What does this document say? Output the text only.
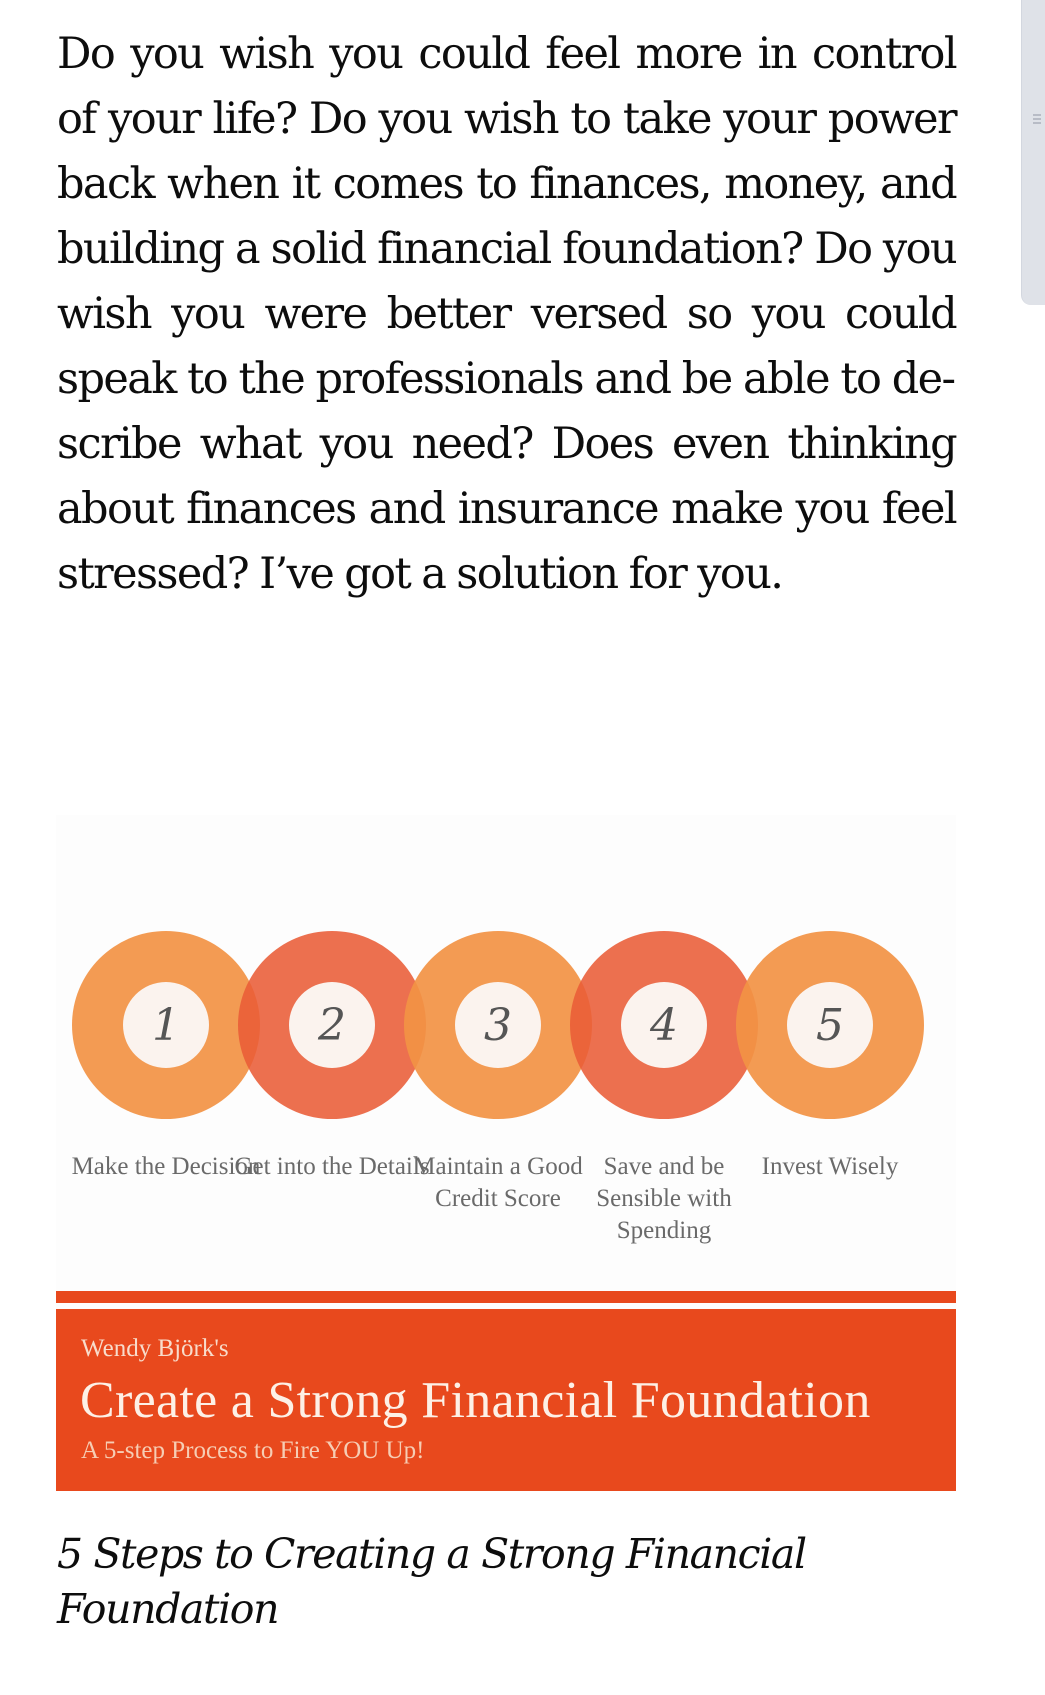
Do you wish you could feel more in control of your life? Do you wish to take your power back when it comes to finances, money, and building a solid financial foundation? Do you wish you were better versed so you could speak to the professionals and be able to describe what you need? Does even thinking about finances and insurance make you feel stressed? I’ve got a solution for you.

1
Make the Decision
2
Get into the Details
3
Maintain a Good Credit Score
4
Save and be Sensible with Spending
5
Invest Wisely
Wendy Björk's
Create a Strong Financial Foundation
A 5-step Process to Fire YOU Up!

5 Steps to Creating a Strong Financial Foundation
